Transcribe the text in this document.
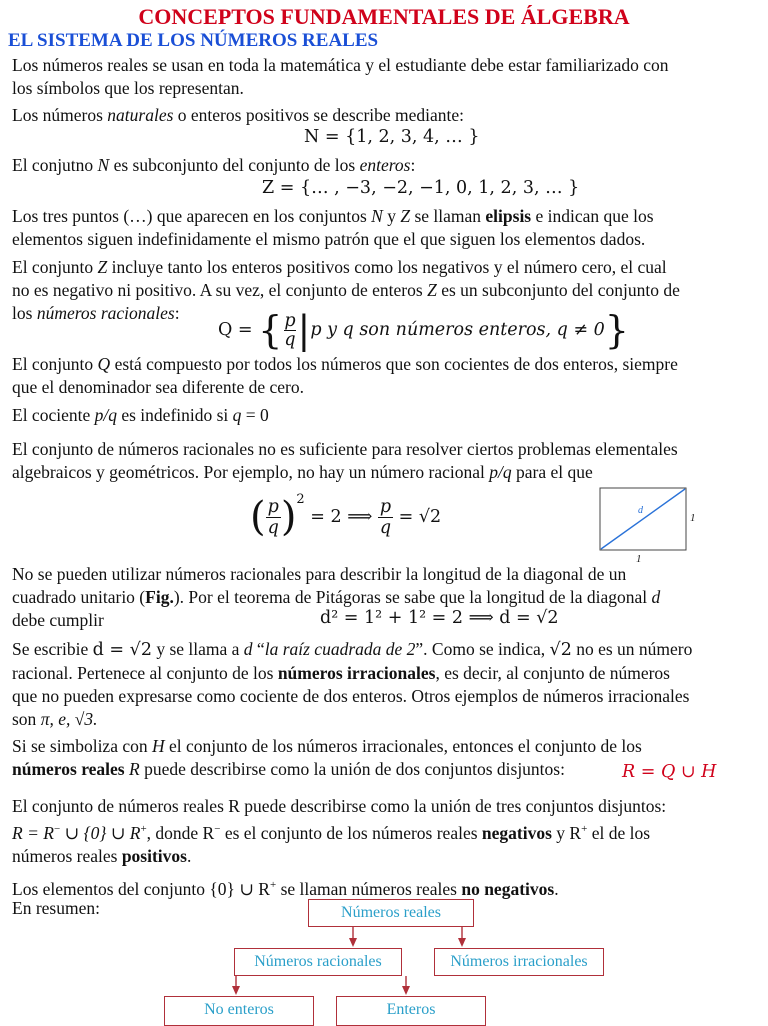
CONCEPTOS FUNDAMENTALES DE ÁLGEBRA
EL SISTEMA DE LOS NÚMEROS REALES
Los números reales se usan en toda la matemática y el estudiante debe estar familiarizado con
los símbolos que los representan.
Los números naturales o enteros positivos se describe mediante:
N = {1, 2, 3, 4, … }
El conjutno N es subconjunto del conjunto de los enteros:
Z = {… , −3, −2, −1, 0, 1, 2, 3, … }
Los tres puntos (…) que aparecen en los conjuntos N y Z se llaman elipsis e indican que los
elementos siguen indefinidamente el mismo patrón que el que siguen los elementos dados.
El conjunto Z incluye tanto los enteros positivos como los negativos y el número cero, el cual
no es negativo ni positivo. A su vez, el conjunto de enteros Z es un subconjunto del conjunto de
los números racionales:
Q = { $\frac{p}{q} |p$ y q son números enteros, q ≠ 0}
El conjunto Q está compuesto por todos los números que son cocientes de dos enteros, siempre
que el denominador sea diferente de cero.
El cociente p/q es indefinido si q = 0
El conjunto de números racionales no es suficiente para resolver ciertos problemas elementales
algebraicos y geométricos. Por ejemplo, no hay un número racional p/q para el que
( $\frac{p}{q} )^2 = 2$ ⟹ $\frac{p}{q} = √2$	d
1
1
No se pueden utilizar números racionales para describir la longitud de la diagonal de un
cuadrado unitario (Fig.). Por el teorema de Pitágoras se sabe que la longitud de la diagonal d
debe cumplir	d² = 1² + 1² = 2 ⟹ d = √2
Se escribie d = √2 y se llama a d “la raíz cuadrada de 2”. Como se indica, √2 no es un número
racional. Pertenece al conjunto de los números irracionales, es decir, al conjunto de números
que no pueden expresarse como cociente de dos enteros. Otros ejemplos de números irracionales
son π, e, √3.
Si se simboliza con H el conjunto de los números irracionales, entonces el conjunto de los
números reales R puede describirse como la unión de dos conjuntos disjuntos:	R = Q ∪ H
El conjunto de números reales R puede describirse como la unión de tres conjuntos disjuntos:
R = R− ∪ {0} ∪ R+, donde R− es el conjunto de los números reales negativos y R+ el de los
números reales positivos.
Los elementos del conjunto {0} ∪ R+ se llaman números reales no negativos.
En resumen:	Números reales
Números racionales	Números irracionales
No enteros	Enteros
